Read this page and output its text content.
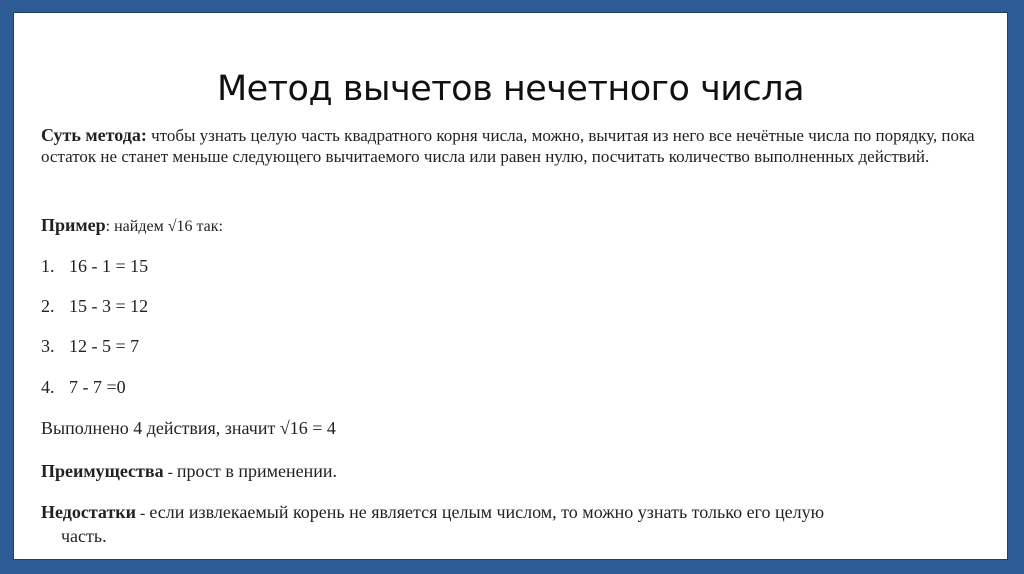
Метод вычетов нечетного числа

Суть метода: чтобы узнать целую часть квадратного корня числа, можно, вычитая из него все нечётные числа по порядку, пока остаток не станет меньше следующего вычитаемого числа или равен нулю, посчитать количество выполненных действий.

Пример: найдем √16 так:
1. 16 - 1 = 15
2. 15 - 3 = 12
3. 12 - 5 = 7
4. 7 - 7 =0
Выполнено 4 действия, значит √16 = 4
Преимущества - прост в применении.
Недостатки - если извлекаемый корень не является целым числом, то можно узнать только его целую
часть.
